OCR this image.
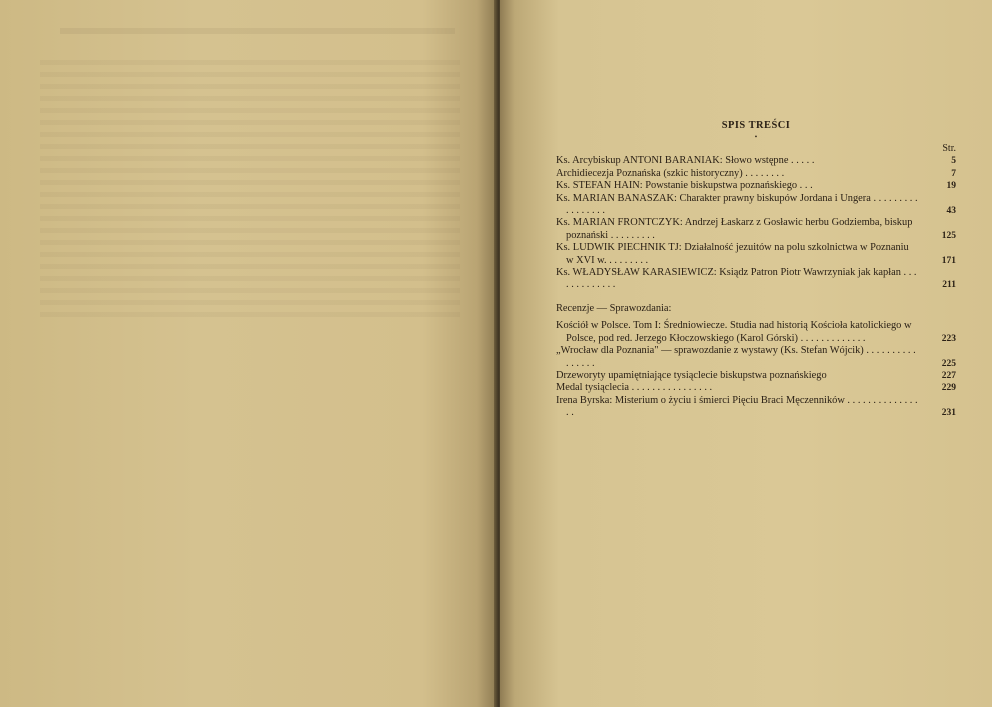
SPIS TREŚCI
•
Str.
Ks. Arcybiskup ANTONI BARANIAK: Słowo wstępne . . . . .	5
Archidiecezja Poznańska (szkic historyczny) . . . . . . . .	7
Ks. STEFAN HAIN: Powstanie biskupstwa poznańskiego . . .	19
Ks. MARIAN BANASZAK: Charakter prawny biskupów Jordana i Ungera . . . . . . . . . . . . . . . . .	43
Ks. MARIAN FRONTCZYK: Andrzej Łaskarz z Gosławic herbu Godziemba, biskup poznański . . . . . . . . .	125
Ks. LUDWIK PIECHNIK TJ: Działalność jezuitów na polu szkolnictwa w Poznaniu w XVI w. . . . . . . . .	171
Ks. WŁADYSŁAW KARASIEWICZ: Ksiądz Patron Piotr Wawrzyniak jak kapłan . . . . . . . . . . . . .	211
Recenzje — Sprawozdania:
Kościół w Polsce. Tom I: Średniowiecze. Studia nad historią Kościoła katolickiego w Polsce, pod red. Jerzego Kłoczowskiego (Karol Górski) . . . . . . . . . . . . .	223
„Wrocław dla Poznania" — sprawozdanie z wystawy (Ks. Stefan Wójcik) . . . . . . . . . . . . . . . .	225
Drzeworyty upamiętniające tysiąclecie biskupstwa poznańskiego	227
Medal tysiąclecia . . . . . . . . . . . . . . . .	229
Irena Byrska: Misterium o życiu i śmierci Pięciu Braci Męczenników . . . . . . . . . . . . . . . .	231
